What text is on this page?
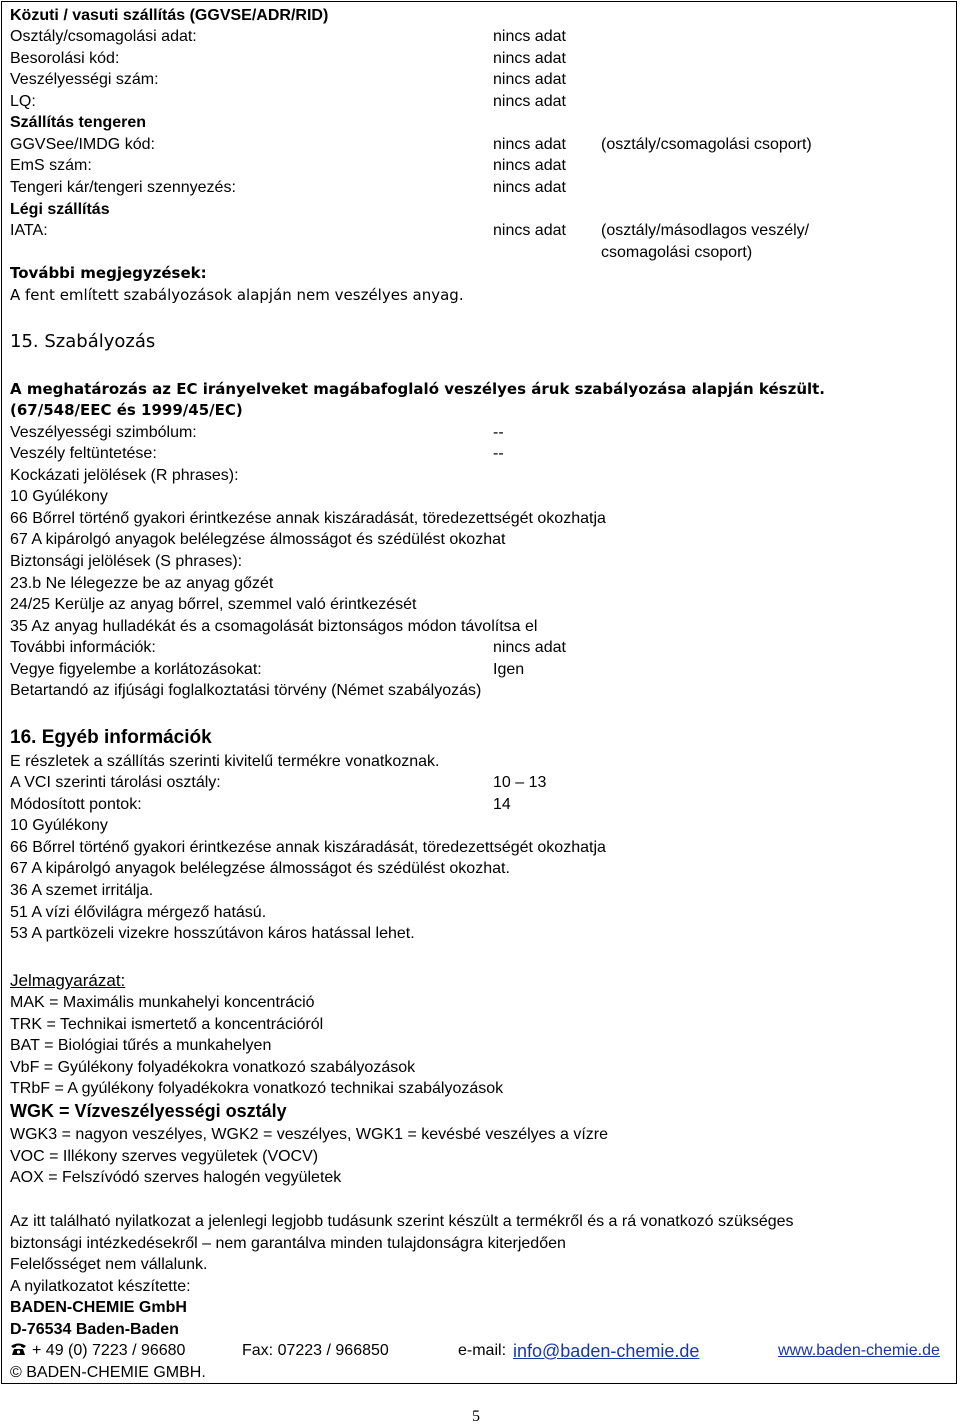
Közuti / vasuti szállítás (GGVSE/ADR/RID)
Osztály/csomagolási adat:	nincs adat
Besorolási kód:	nincs adat
Veszélyességi szám:	nincs adat
LQ:	nincs adat
Szállítás tengeren
GGVSee/IMDG kód:	nincs adat (osztály/csomagolási csoport)
EmS szám:	nincs adat
Tengeri kár/tengeri szennyezés:	nincs adat
Légi szállítás
IATA:	nincs adat (osztály/másodlagos veszély/
csomagolási csoport)
További megjegyzések:
A fent említett szabályozások alapján nem veszélyes anyag.
15. Szabályozás
A meghatározás az EC irányelveket magábafoglaló veszélyes áruk szabályozása alapján készült.
(67/548/EEC és 1999/45/EC)
Veszélyességi szimbólum:	--
Veszély feltüntetése:	--
Kockázati jelölések (R phrases):
10 Gyúlékony
66 Bőrrel történő gyakori érintkezése annak kiszáradását, töredezettségét okozhatja
67 A kipárolgó anyagok belélegzése álmosságot és szédülést okozhat
Biztonsági jelölések (S phrases):
23.b Ne lélegezze be az anyag gőzét
24/25 Kerülje az anyag bőrrel, szemmel való érintkezését
35 Az anyag hulladékát és a csomagolását biztonságos módon távolítsa el
További információk:	nincs adat
Vegye figyelembe a korlátozásokat:	Igen
Betartandó az ifjúsági foglalkoztatási törvény (Német szabályozás)
16. Egyéb információk
E részletek a szállítás szerinti kivitelű termékre vonatkoznak.
A VCI szerinti tárolási osztály:	10 – 13
Módosított pontok:	14
10 Gyúlékony
66 Bőrrel történő gyakori érintkezése annak kiszáradását, töredezettségét okozhatja
67 A kipárolgó anyagok belélegzése álmosságot és szédülést okozhat.
36 A szemet irritálja.
51 A vízi élővilágra mérgező hatású.
53 A partközeli vizekre hosszútávon káros hatással lehet.
Jelmagyarázat:
MAK = Maximális munkahelyi koncentráció
TRK = Technikai ismertető a koncentrációról
BAT = Biológiai tűrés a munkahelyen
VbF = Gyúlékony folyadékokra vonatkozó szabályozások
TRbF = A gyúlékony folyadékokra vonatkozó technikai szabályozások
WGK = Vízveszélyességi osztály
WGK3 = nagyon veszélyes, WGK2 = veszélyes, WGK1 = kevésbé veszélyes a vízre
VOC = Illékony szerves vegyületek (VOCV)
AOX = Felszívódó szerves halogén vegyületek
Az itt található nyilatkozat a jelenlegi legjobb tudásunk szerint készült a termékről és a rá vonatkozó szükséges
biztonsági intézkedésekről – nem garantálva minden tulajdonságra kiterjedően
Felelősséget nem vállalunk.
A nyilatkozatot készítette:
BADEN-CHEMIE GmbH
D-76534 Baden-Baden
+ 49 (0) 7223 / 96680	Fax: 07223 / 966850	e-mail: info@baden-chemie.de	www.baden-chemie.de
© BADEN-CHEMIE GMBH.
5
